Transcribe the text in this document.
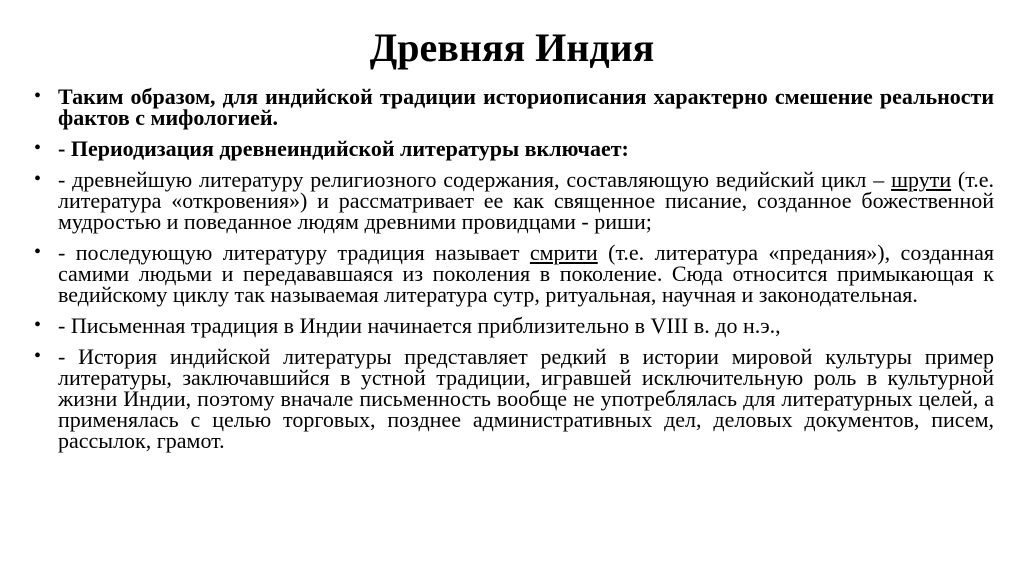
Древняя Индия
• Таким образом, для индийской традиции историописания характерно смешение реальности фактов с мифологией.
• - Периодизация древнеиндийской литературы включает:
• - древнейшую литературу религиозного содержания, составляющую ведийский цикл – шрути (т.е. литература «откровения») и рассматривает ее как священное писание, созданное божественной мудростью и поведанное людям древними провидцами - риши;
• - последующую литературу традиция называет смрити (т.е. литература «предания»), созданная самими людьми и передававшаяся из поколения в поколение. Сюда относится примыкающая к ведийскому циклу так называемая литература сутр, ритуальная, научная и законодательная.
• - Письменная традиция в Индии начинается приблизительно в VIII в. до н.э.,
• - История индийской литературы представляет редкий в истории мировой культуры пример литературы, заключавшийся в устной традиции, игравшей исключительную роль в культурной жизни Индии, поэтому вначале письменность вообще не употреблялась для литературных целей, а применялась с целью торговых, позднее административных дел, деловых документов, писем, рассылок, грамот.
